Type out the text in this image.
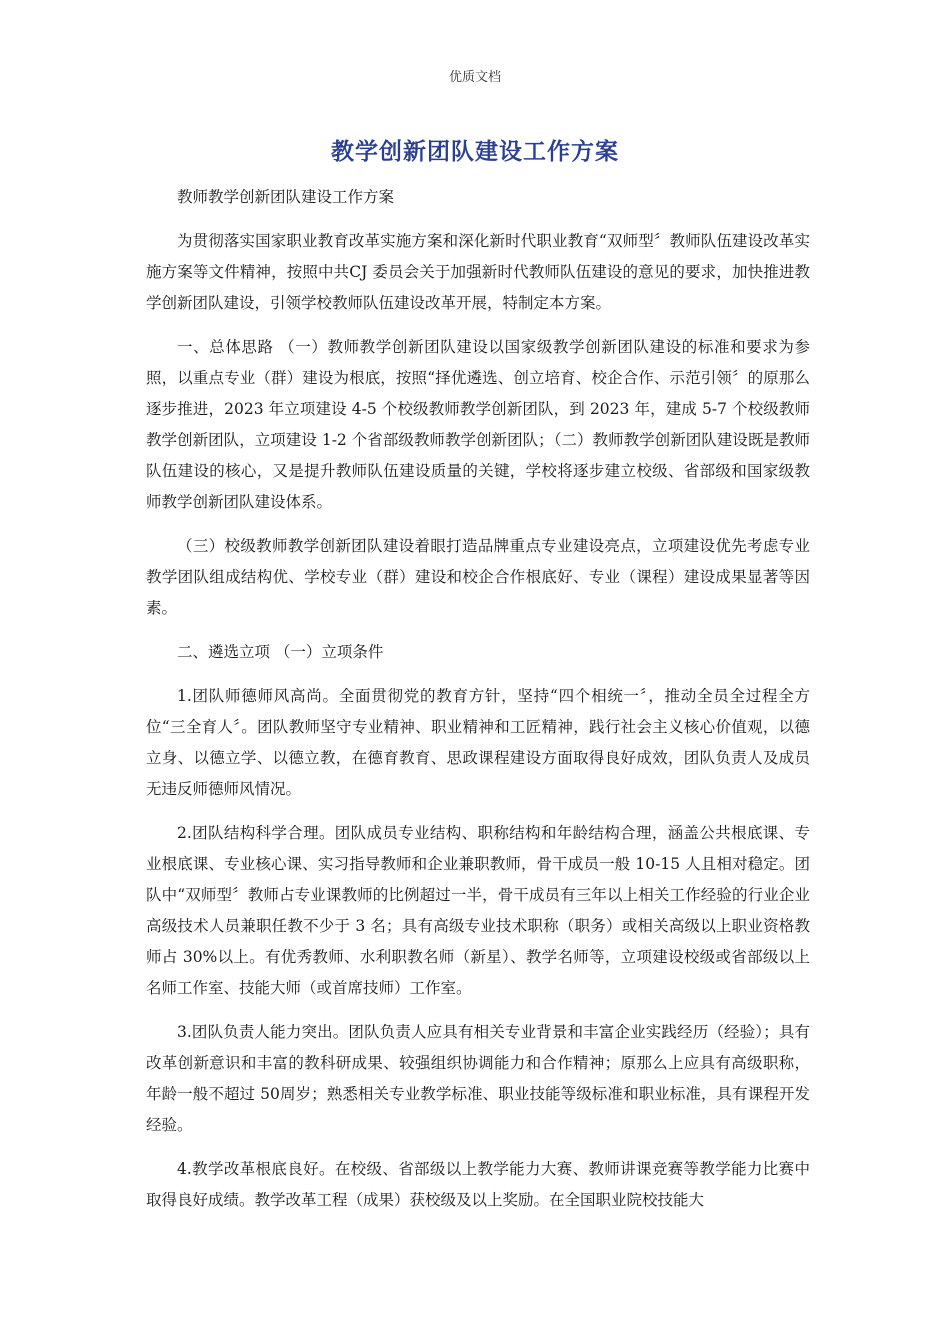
优质文档
教学创新团队建设工作方案

教师教学创新团队建设工作方案

为贯彻落实国家职业教育改革实施方案和深化新时代职业教育“双师型〞教师队伍建设改革实施方案等文件精神，按照中共CJ 委员会关于加强新时代教师队伍建设的意见的要求，加快推进教学创新团队建设，引领学校教师队伍建设改革开展，特制定本方案。

一、总体思路 （一）教师教学创新团队建设以国家级教学创新团队建设的标准和要求为参照，以重点专业（群）建设为根底，按照“择优遴选、创立培育、校企合作、示范引领〞的原那么逐步推进，2023 年立项建设 4-5 个校级教师教学创新团队，到 2023 年，建成 5-7 个校级教师教学创新团队，立项建设 1-2 个省部级教师教学创新团队；（二）教师教学创新团队建设既是教师队伍建设的核心，又是提升教师队伍建设质量的关键，学校将逐步建立校级、省部级和国家级教师教学创新团队建设体系。

（三）校级教师教学创新团队建设着眼打造品牌重点专业建设亮点，立项建设优先考虑专业教学团队组成结构优、学校专业（群）建设和校企合作根底好、专业（课程）建设成果显著等因素。

二、遴选立项 （一）立项条件

1.团队师德师风高尚。全面贯彻党的教育方针，坚持“四个相统一〞，推动全员全过程全方位“三全育人〞。团队教师坚守专业精神、职业精神和工匠精神，践行社会主义核心价值观，以德立身、以德立学、以德立教，在德育教育、思政课程建设方面取得良好成效，团队负责人及成员无违反师德师风情况。

2.团队结构科学合理。团队成员专业结构、职称结构和年龄结构合理，涵盖公共根底课、专业根底课、专业核心课、实习指导教师和企业兼职教师，骨干成员一般 10-15 人且相对稳定。团队中“双师型〞教师占专业课教师的比例超过一半，骨干成员有三年以上相关工作经验的行业企业高级技术人员兼职任教不少于 3 名；具有高级专业技术职称（职务）或相关高级以上职业资格教师占 30%以上。有优秀教师、水利职教名师（新星）、教学名师等，立项建设校级或省部级以上名师工作室、技能大师（或首席技师）工作室。

3.团队负责人能力突出。团队负责人应具有相关专业背景和丰富企业实践经历（经验）；具有改革创新意识和丰富的教科研成果、较强组织协调能力和合作精神；原那么上应具有高级职称，年龄一般不超过 50周岁；熟悉相关专业教学标准、职业技能等级标准和职业标准，具有课程开发经验。

4.教学改革根底良好。在校级、省部级以上教学能力大赛、教师讲课竞赛等教学能力比赛中取得良好成绩。教学改革工程（成果）获校级及以上奖励。在全国职业院校技能大
